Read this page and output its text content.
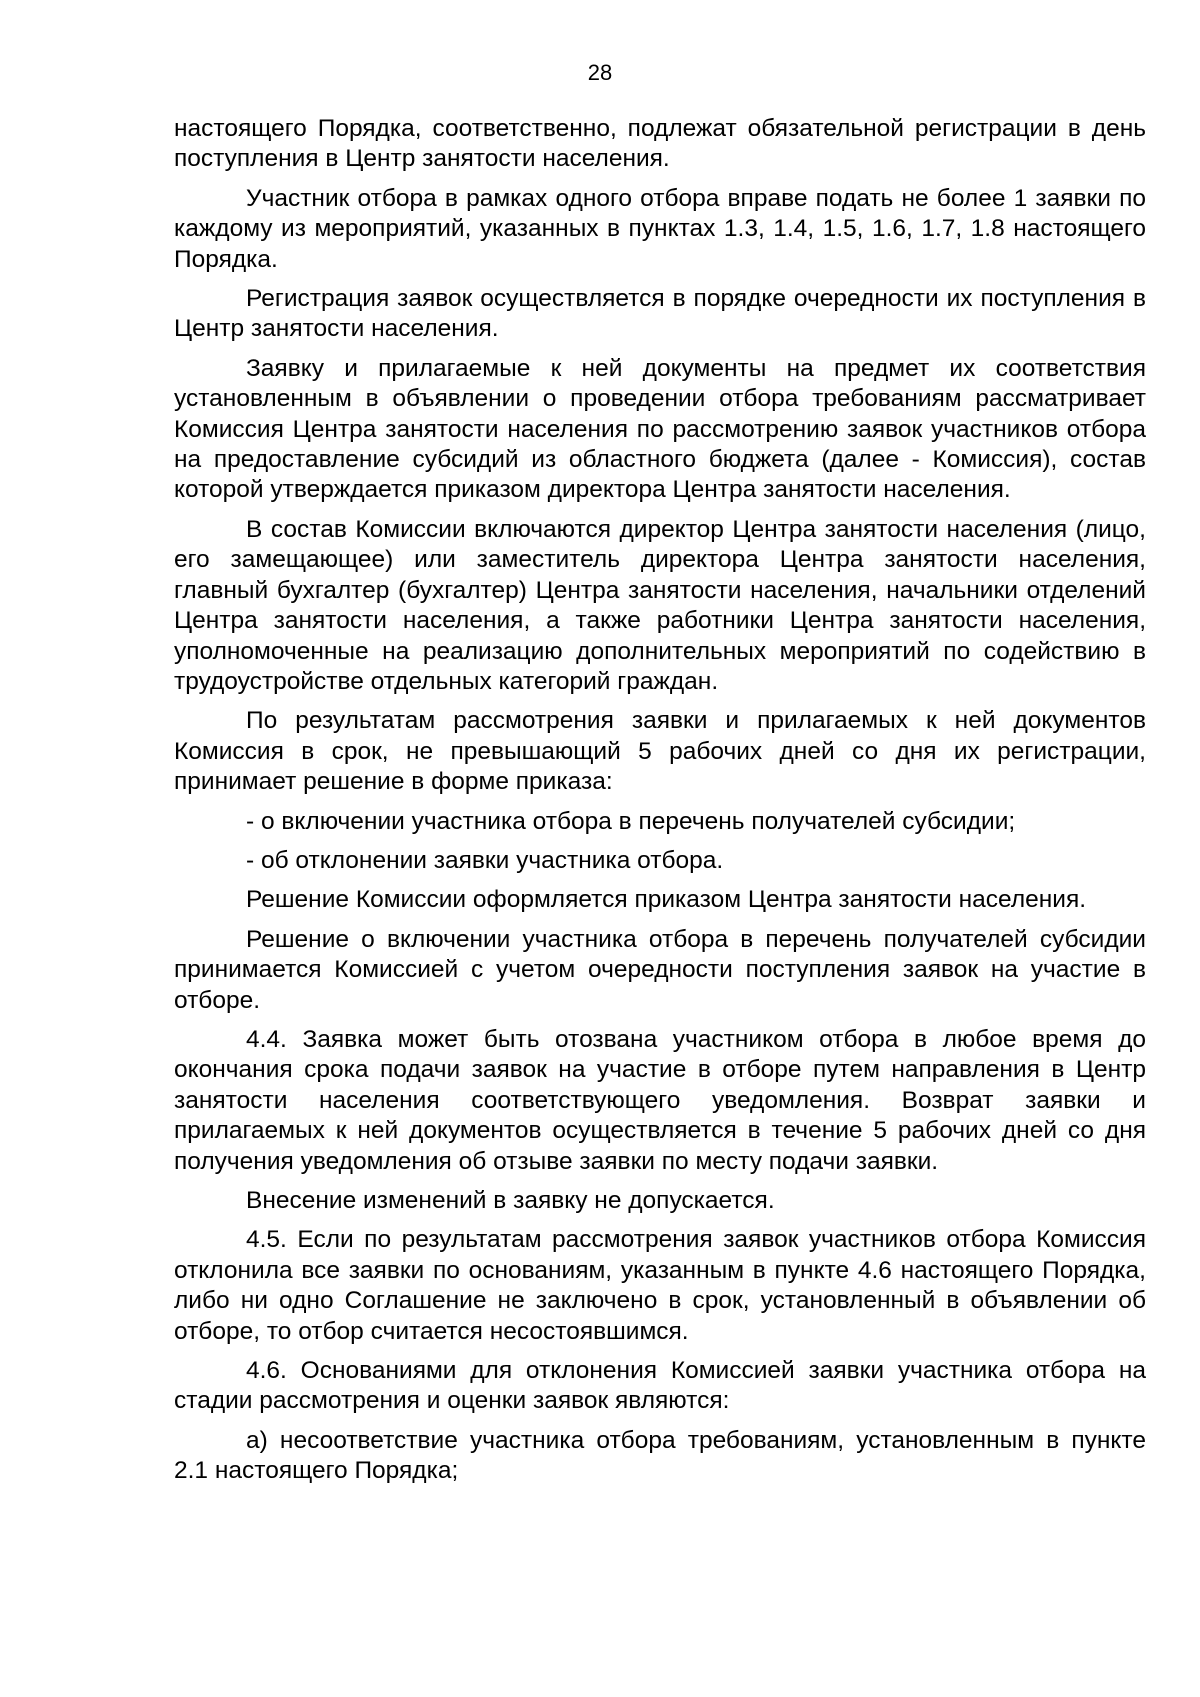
28

настоящего Порядка, соответственно, подлежат обязательной регистрации в день поступления в Центр занятости населения.

Участник отбора в рамках одного отбора вправе подать не более 1 заявки по каждому из мероприятий, указанных в пунктах 1.3, 1.4, 1.5, 1.6, 1.7, 1.8 настоящего Порядка.

Регистрация заявок осуществляется в порядке очередности их поступления в Центр занятости населения.

Заявку и прилагаемые к ней документы на предмет их соответствия установленным в объявлении о проведении отбора требованиям рассматривает Комиссия Центра занятости населения по рассмотрению заявок участников отбора на предоставление субсидий из областного бюджета (далее - Комиссия), состав которой утверждается приказом директора Центра занятости населения.

В состав Комиссии включаются директор Центра занятости населения (лицо, его замещающее) или заместитель директора Центра занятости населения, главный бухгалтер (бухгалтер) Центра занятости населения, начальники отделений Центра занятости населения, а также работники Центра занятости населения, уполномоченные на реализацию дополнительных мероприятий по содействию в трудоустройстве отдельных категорий граждан.

По результатам рассмотрения заявки и прилагаемых к ней документов Комиссия в срок, не превышающий 5 рабочих дней со дня их регистрации, принимает решение в форме приказа:

- о включении участника отбора в перечень получателей субсидии;

- об отклонении заявки участника отбора.

Решение Комиссии оформляется приказом Центра занятости населения.

Решение о включении участника отбора в перечень получателей субсидии принимается Комиссией с учетом очередности поступления заявок на участие в отборе.

4.4. Заявка может быть отозвана участником отбора в любое время до окончания срока подачи заявок на участие в отборе путем направления в Центр занятости населения соответствующего уведомления. Возврат заявки и прилагаемых к ней документов осуществляется в течение 5 рабочих дней со дня получения уведомления об отзыве заявки по месту подачи заявки.

Внесение изменений в заявку не допускается.

4.5. Если по результатам рассмотрения заявок участников отбора Комиссия отклонила все заявки по основаниям, указанным в пункте 4.6 настоящего Порядка, либо ни одно Соглашение не заключено в срок, установленный в объявлении об отборе, то отбор считается несостоявшимся.

4.6. Основаниями для отклонения Комиссией заявки участника отбора на стадии рассмотрения и оценки заявок являются:

а) несоответствие участника отбора требованиям, установленным в пункте 2.1 настоящего Порядка;
